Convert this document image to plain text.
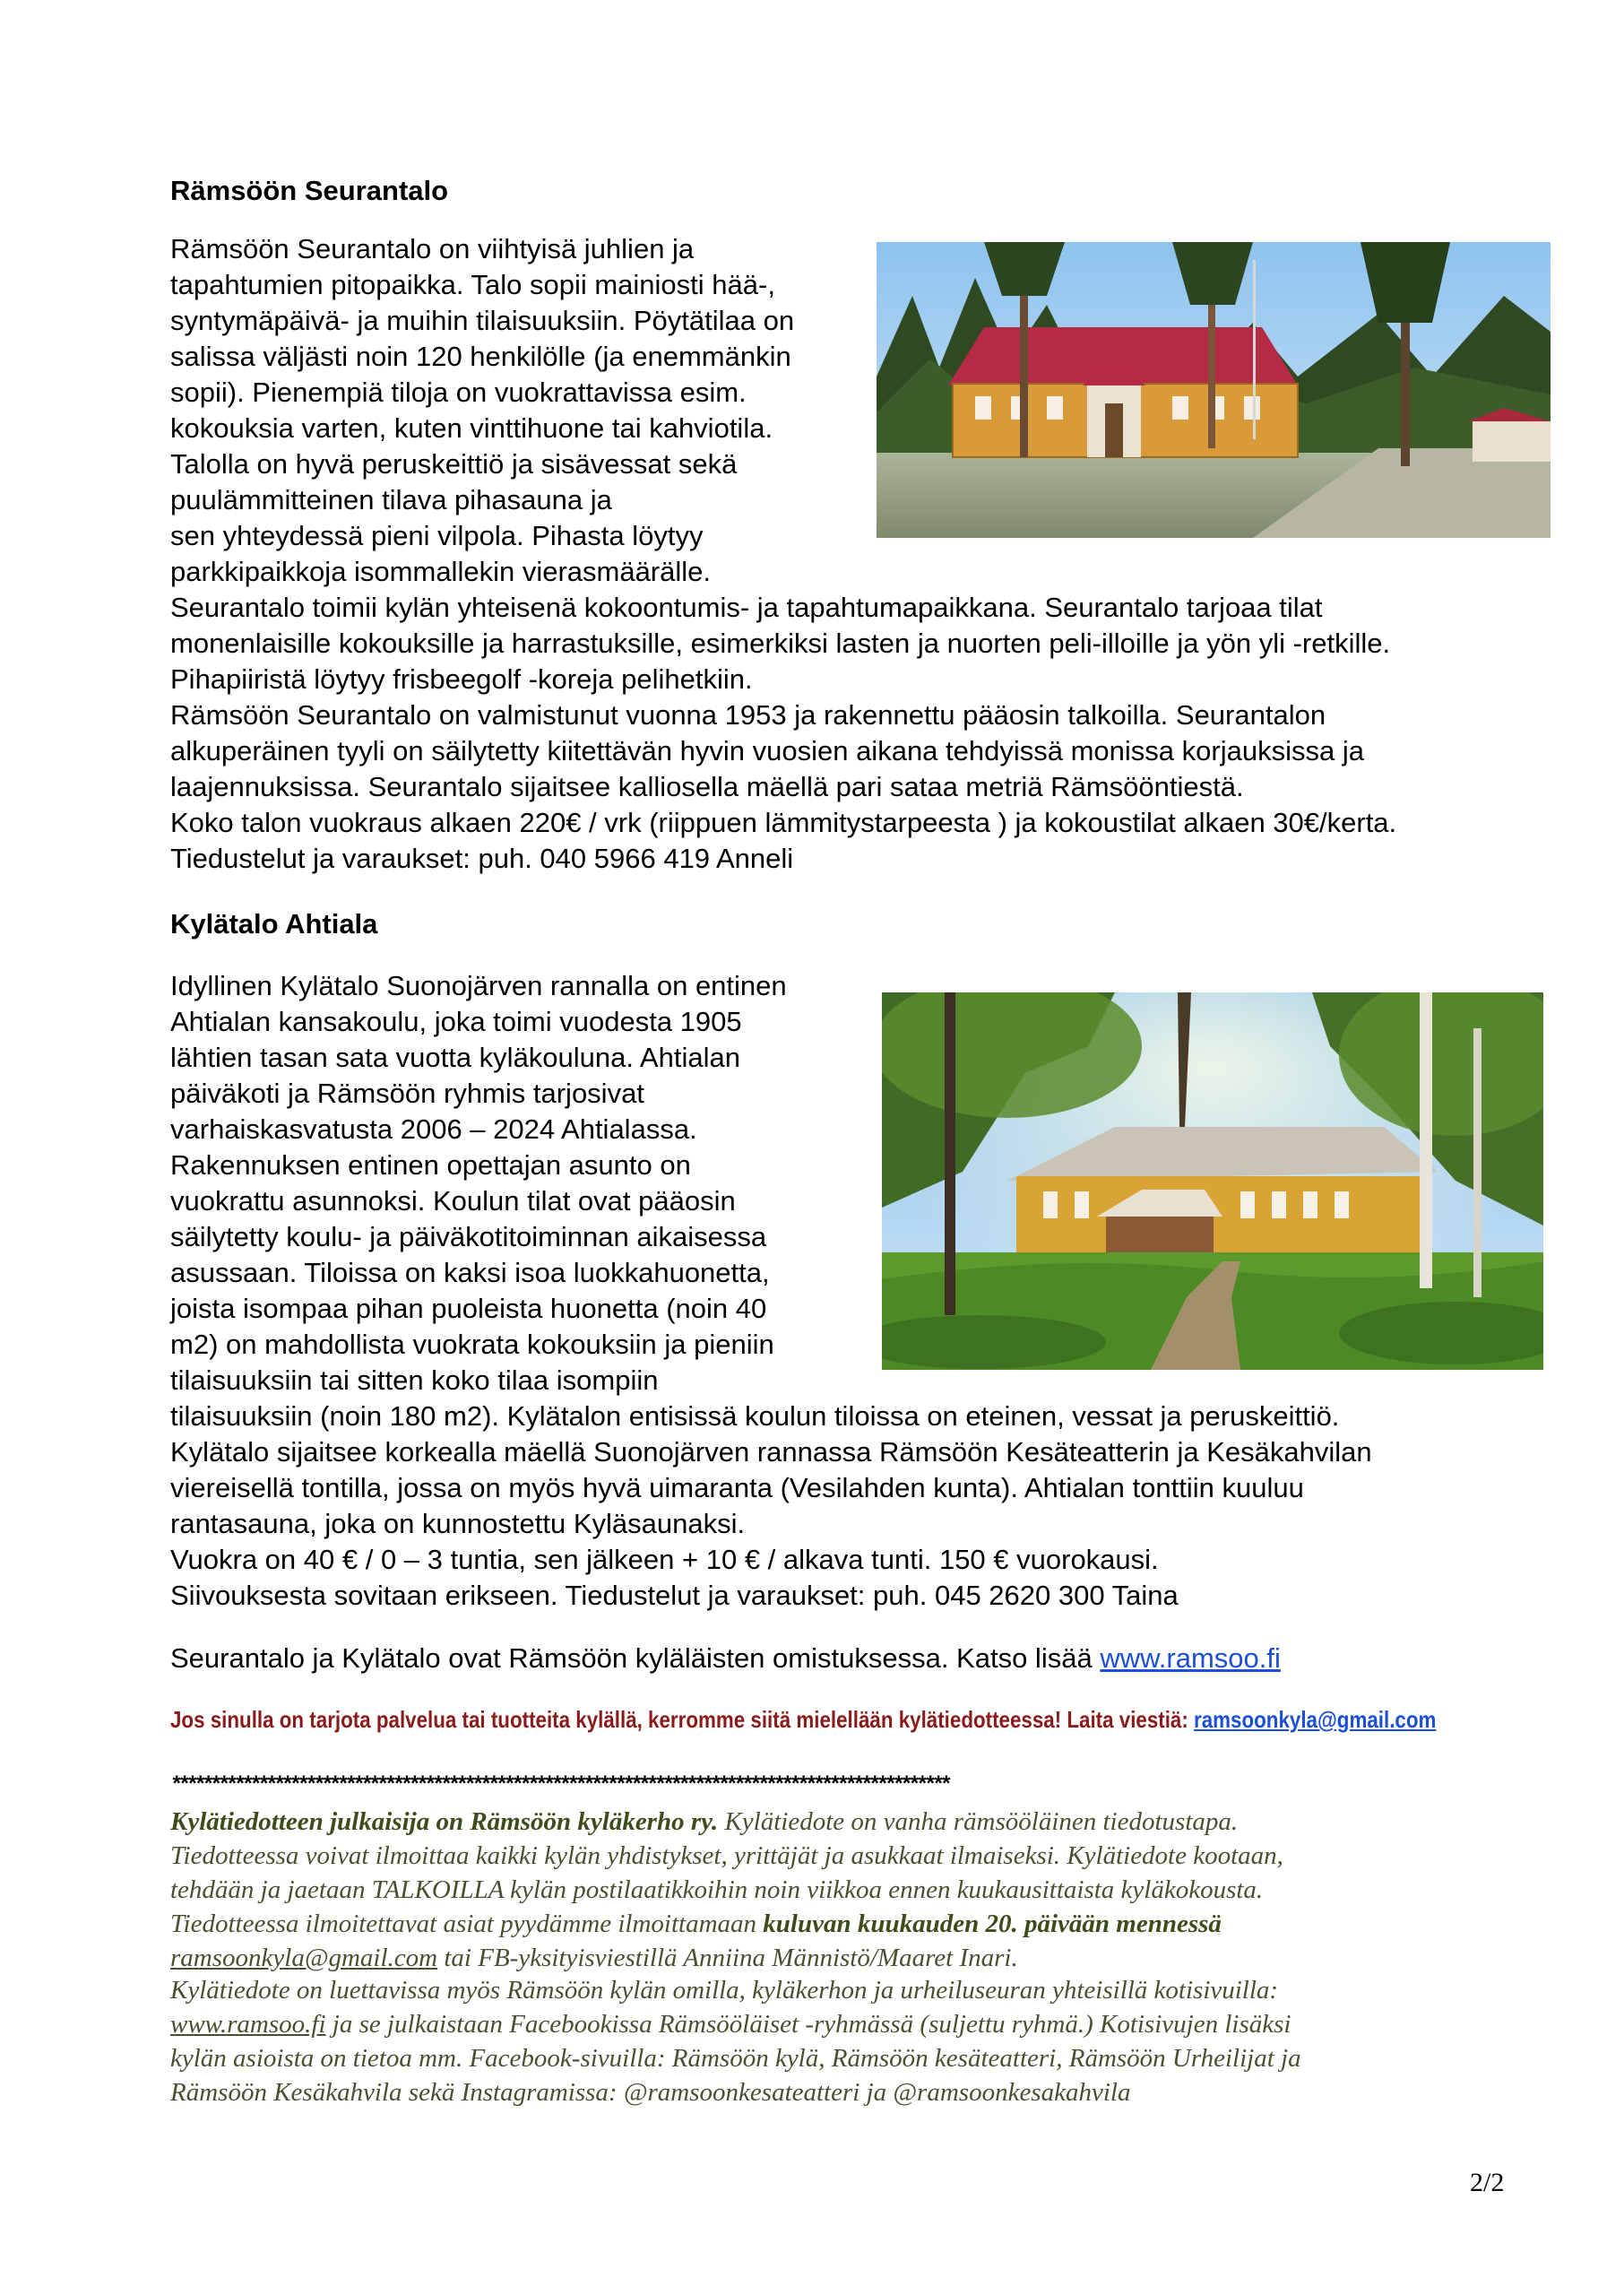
Rämsöön Seurantalo
Rämsöön Seurantalo on viihtyisä juhlien ja
tapahtumien pitopaikka. Talo sopii mainiosti hää-,
syntymäpäivä- ja muihin tilaisuuksiin. Pöytätilaa on
salissa väljästi noin 120 henkilölle (ja enemmänkin
sopii). Pienempiä tiloja on vuokrattavissa esim.
kokouksia varten, kuten vinttihuone tai kahviotila.
Talolla on hyvä peruskeittiö ja sisävessat sekä
puulämmitteinen tilava pihasauna ja
sen yhteydessä pieni vilpola. Pihasta löytyy
parkkipaikkoja isommallekin vierasmäärälle.
Seurantalo toimii kylän yhteisenä kokoontumis- ja tapahtumapaikkana. Seurantalo tarjoaa tilat
monenlaisille kokouksille ja harrastuksille, esimerkiksi lasten ja nuorten peli-illoille ja yön yli -retkille.
Pihapiiristä löytyy frisbeegolf -koreja pelihetkiin.
Rämsöön Seurantalo on valmistunut vuonna 1953 ja rakennettu pääosin talkoilla. Seurantalon
alkuperäinen tyyli on säilytetty kiitettävän hyvin vuosien aikana tehdyissä monissa korjauksissa ja
laajennuksissa. Seurantalo sijaitsee kalliosella mäellä pari sataa metriä Rämsööntiestä.
Koko talon vuokraus alkaen 220€ / vrk (riippuen lämmitystarpeesta ) ja kokoustilat alkaen 30€/kerta.
Tiedustelut ja varaukset: puh. 040 5966 419 Anneli
Kylätalo Ahtiala
Idyllinen Kylätalo Suonojärven rannalla on entinen
Ahtialan kansakoulu, joka toimi vuodesta 1905
lähtien tasan sata vuotta kyläkouluna. Ahtialan
päiväkoti ja Rämsöön ryhmis tarjosivat
varhaiskasvatusta 2006 – 2024 Ahtialassa.
Rakennuksen entinen opettajan asunto on
vuokrattu asunnoksi. Koulun tilat ovat pääosin
säilytetty koulu- ja päiväkotitoiminnan aikaisessa
asussaan. Tiloissa on kaksi isoa luokkahuonetta,
joista isompaa pihan puoleista huonetta (noin 40
m2) on mahdollista vuokrata kokouksiin ja pieniin
tilaisuuksiin tai sitten koko tilaa isompiin
tilaisuuksiin (noin 180 m2). Kylätalon entisissä koulun tiloissa on eteinen, vessat ja peruskeittiö.
Kylätalo sijaitsee korkealla mäellä Suonojärven rannassa Rämsöön Kesäteatterin ja Kesäkahvilan
viereisellä tontilla, jossa on myös hyvä uimaranta (Vesilahden kunta). Ahtialan tonttiin kuuluu
rantasauna, joka on kunnostettu Kyläsaunaksi.
Vuokra on 40 € / 0 – 3 tuntia, sen jälkeen + 10 € / alkava tunti. 150 € vuorokausi.
Siivouksesta sovitaan erikseen. Tiedustelut ja varaukset: puh. 045 2620 300 Taina
Seurantalo ja Kylätalo ovat Rämsöön kyläläisten omistuksessa. Katso lisää www.ramsoo.fi
Jos sinulla on tarjota palvelua tai tuotteita kylällä, kerromme siitä mielellään kylätiedotteessa! Laita viestiä: ramsoonkyla@gmail.com
**************************************************************************************************
Kylätiedotteen julkaisija on Rämsöön kyläkerho ry. Kylätiedote on vanha rämsööläinen tiedotustapa.
Tiedotteessa voivat ilmoittaa kaikki kylän yhdistykset, yrittäjät ja asukkaat ilmaiseksi. Kylätiedote kootaan,
tehdään ja jaetaan TALKOILLA kylän postilaatikkoihin noin viikkoa ennen kuukausittaista kyläkokousta.
Tiedotteessa ilmoitettavat asiat pyydämme ilmoittamaan kuluvan kuukauden 20. päivään mennessä
ramsoonkyla@gmail.com tai FB-yksityisviestillä Anniina Männistö/Maaret Inari.
Kylätiedote on luettavissa myös Rämsöön kylän omilla, kyläkerhon ja urheiluseuran yhteisillä kotisivuilla:
www.ramsoo.fi ja se julkaistaan Facebookissa Rämsööläiset -ryhmässä (suljettu ryhmä.) Kotisivujen lisäksi
kylän asioista on tietoa mm. Facebook-sivuilla: Rämsöön kylä, Rämsöön kesäteatteri, Rämsöön Urheilijat ja
Rämsöön Kesäkahvila sekä Instagramissa: @ramsoonkesateatteri ja @ramsoonkesakahvila
2/2
